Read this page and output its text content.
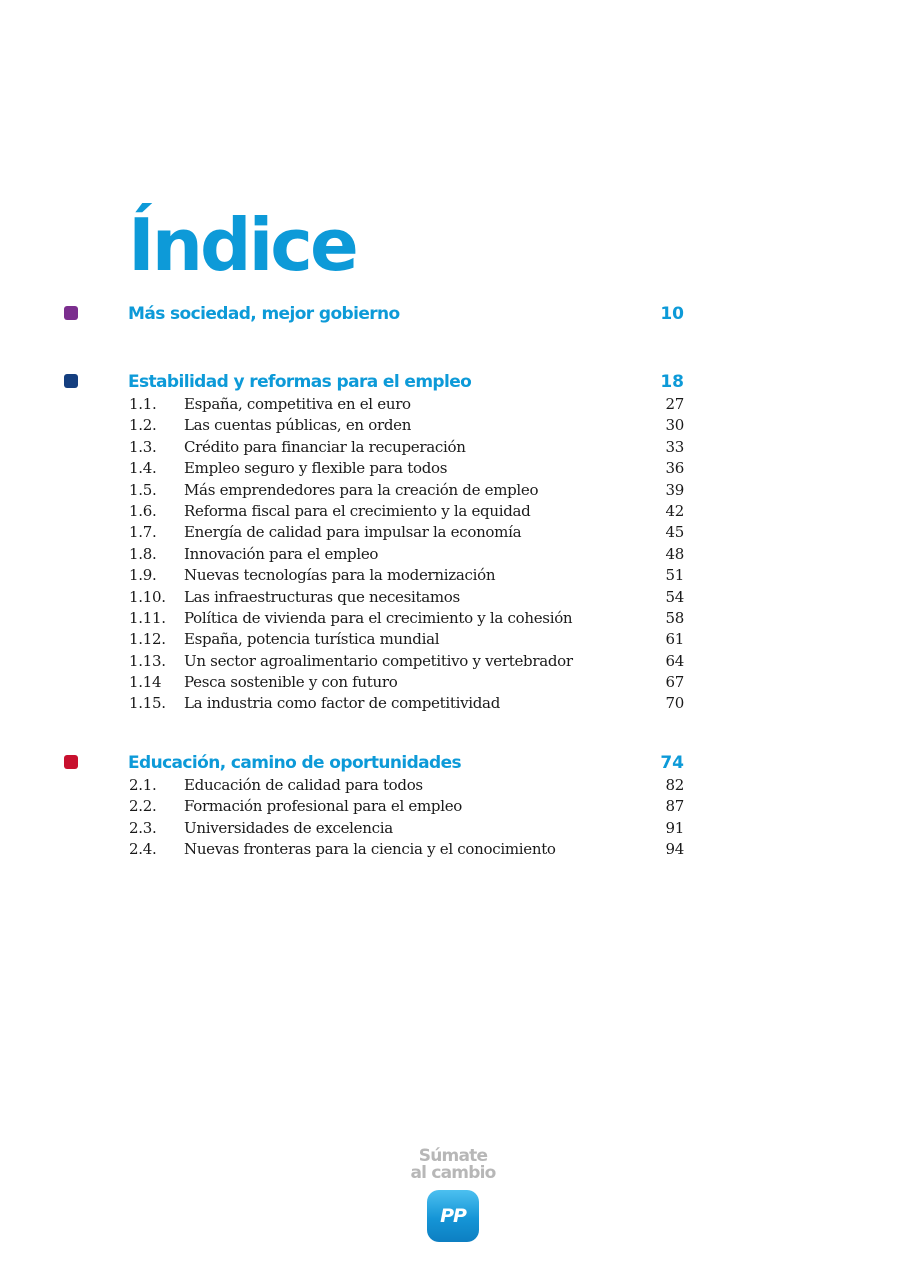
Índice
Más sociedad, mejor gobierno	10
Estabilidad y reformas para el empleo	18
1.1. España, competitiva en el euro	27
1.2. Las cuentas públicas, en orden	30
1.3. Crédito para financiar la recuperación	33
1.4. Empleo seguro y flexible para todos	36
1.5. Más emprendedores para la creación de empleo	39
1.6. Reforma fiscal para el crecimiento y la equidad	42
1.7. Energía de calidad para impulsar la economía	45
1.8. Innovación para el empleo	48
1.9. Nuevas tecnologías para la modernización	51
1.10. Las infraestructuras que necesitamos	54
1.11. Política de vivienda para el crecimiento y la cohesión	58
1.12. España, potencia turística mundial	61
1.13. Un sector agroalimentario competitivo y vertebrador	64
1.14 Pesca sostenible y con futuro	67
1.15. La industria como factor de competitividad	70
Educación, camino de oportunidades	74
2.1. Educación de calidad para todos	82
2.2. Formación profesional para el empleo	87
2.3. Universidades de excelencia	91
2.4. Nuevas fronteras para la ciencia y el conocimiento	94
Súmate
al cambio
PP
